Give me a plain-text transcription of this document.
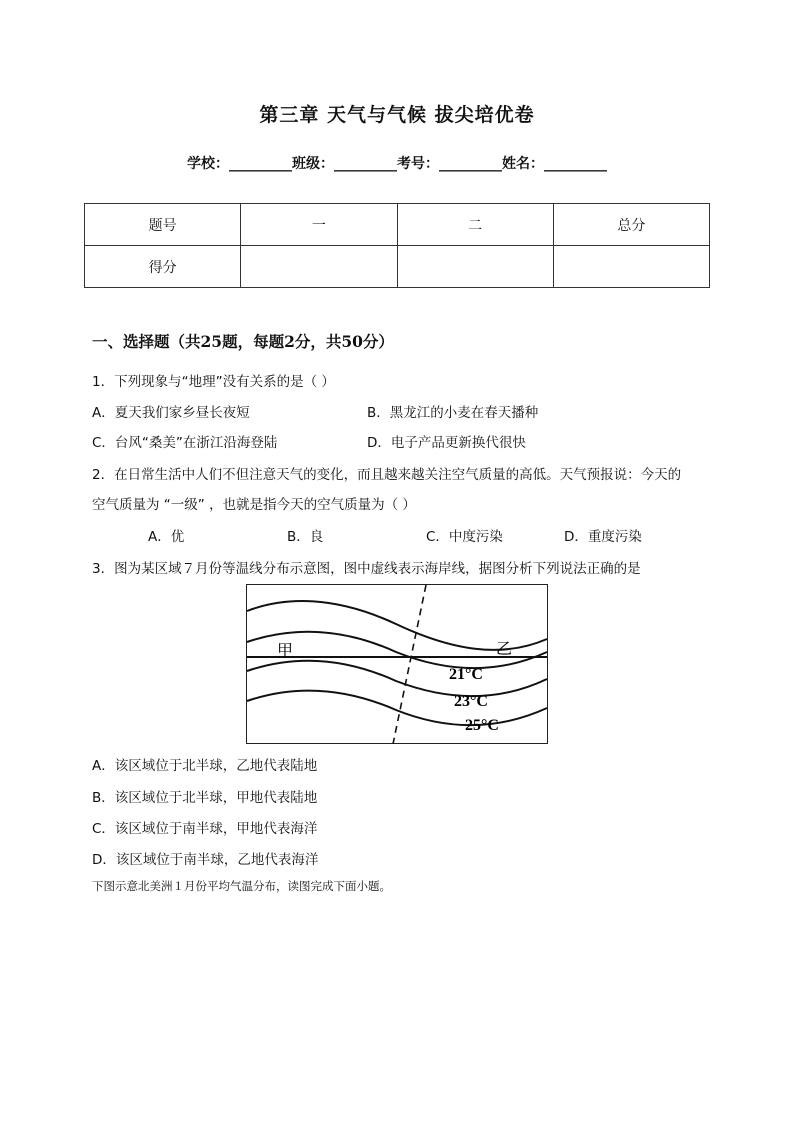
第三章 天气与气候 拔尖培优卷
学校：_________班级：_________考号：_________姓名：_________
题号	一	二	总分
得分			
一、选择题（共25题，每题2分，共50分）
1．下列现象与“地理”没有关系的是（ ）
A．夏天我们家乡昼长夜短	B．黑龙江的小麦在春天播种
C．台风“桑美”在浙江沿海登陆	D．电子产品更新换代很快
2．在日常生活中人们不但注意天气的变化，而且越来越关注空气质量的高低。天气预报说：今天的
空气质量为 “一级” ，也就是指今天的空气质量为（ ）
A．优	B．良	C．中度污染	D．重度污染
3．图为某区域７月份等温线分布示意图，图中虚线表示海岸线，据图分析下列说法正确的是
甲	乙
21°C
23°C
25°C
A．该区域位于北半球，乙地代表陆地
B．该区域位于北半球，甲地代表陆地
C．该区域位于南半球，甲地代表海洋
D．该区域位于南半球，乙地代表海洋
下图示意北美洲１月份平均气温分布，读图完成下面小题。
